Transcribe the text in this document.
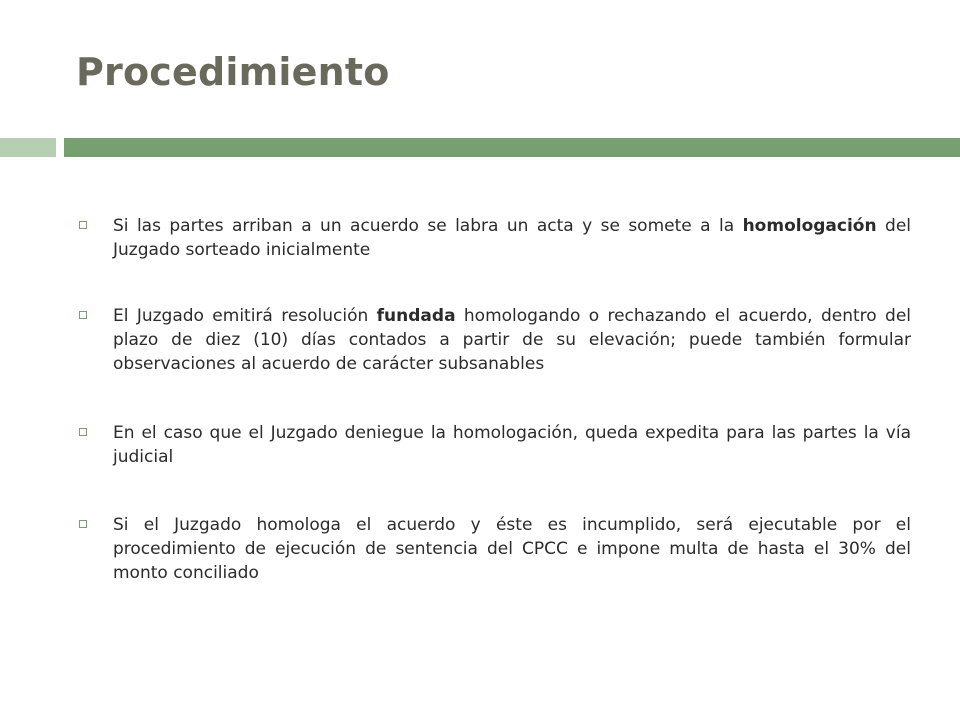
Procedimiento
Si las partes arriban a un acuerdo se labra un acta y se somete a la homologación del Juzgado sorteado inicialmente
El Juzgado emitirá resolución fundada homologando o rechazando el acuerdo, dentro del plazo de diez (10) días contados a partir de su elevación; puede también formular observaciones al acuerdo de carácter subsanables
En el caso que el Juzgado deniegue la homologación, queda expedita para las partes la vía judicial
Si el Juzgado homologa el acuerdo y éste es incumplido, será ejecutable por el procedimiento de ejecución de sentencia del CPCC e impone multa de hasta el 30% del monto conciliado
